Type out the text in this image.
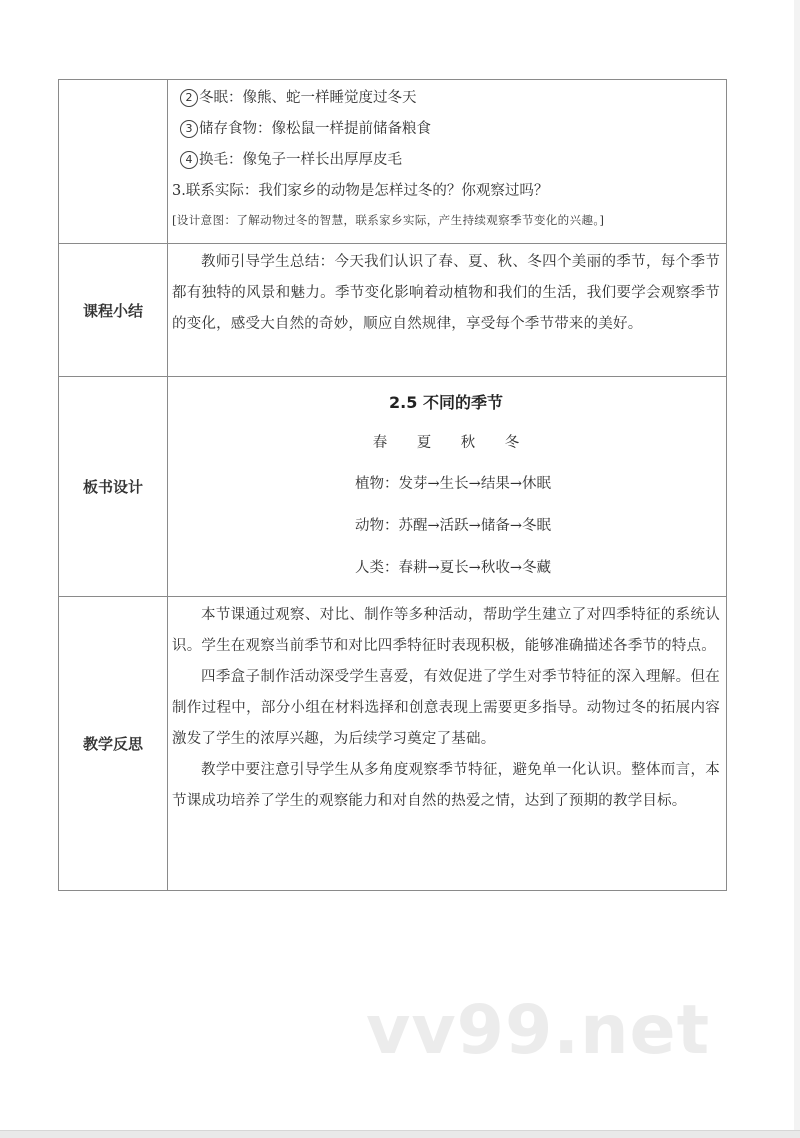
	2 冬眠：像熊、蛇一样睡觉度过冬天
3 储存食物：像松鼠一样提前储备粮食
4 换毛：像兔子一样长出厚厚皮毛
3.联系实际：我们家乡的动物是怎样过冬的？你观察过吗？
[设计意图：了解动物过冬的智慧，联系家乡实际，产生持续观察季节变化的兴趣。]

课程小结	教师引导学生总结：今天我们认识了春、夏、秋、冬四个美丽的季节，每个季节都有独特的风景和魅力。季节变化影响着动植物和我们的生活，我们要学会观察季节的变化，感受大自然的奇妙，顺应自然规律，享受每个季节带来的美好。

板书设计	2.5 不同的季节
春 夏 秋 冬
植物：发芽→生长→结果→休眠
动物：苏醒→活跃→储备→冬眠
人类：春耕→夏长→秋收→冬藏

教学反思	本节课通过观察、对比、制作等多种活动，帮助学生建立了对四季特征的系统认识。学生在观察当前季节和对比四季特征时表现积极，能够准确描述各季节的特点。

四季盒子制作活动深受学生喜爱，有效促进了学生对季节特征的深入理解。但在制作过程中，部分小组在材料选择和创意表现上需要更多指导。动物过冬的拓展内容激发了学生的浓厚兴趣，为后续学习奠定了基础。

教学中要注意引导学生从多角度观察季节特征，避免单一化认识。整体而言，本节课成功培养了学生的观察能力和对自然的热爱之情，达到了预期的教学目标。

vv99.net
